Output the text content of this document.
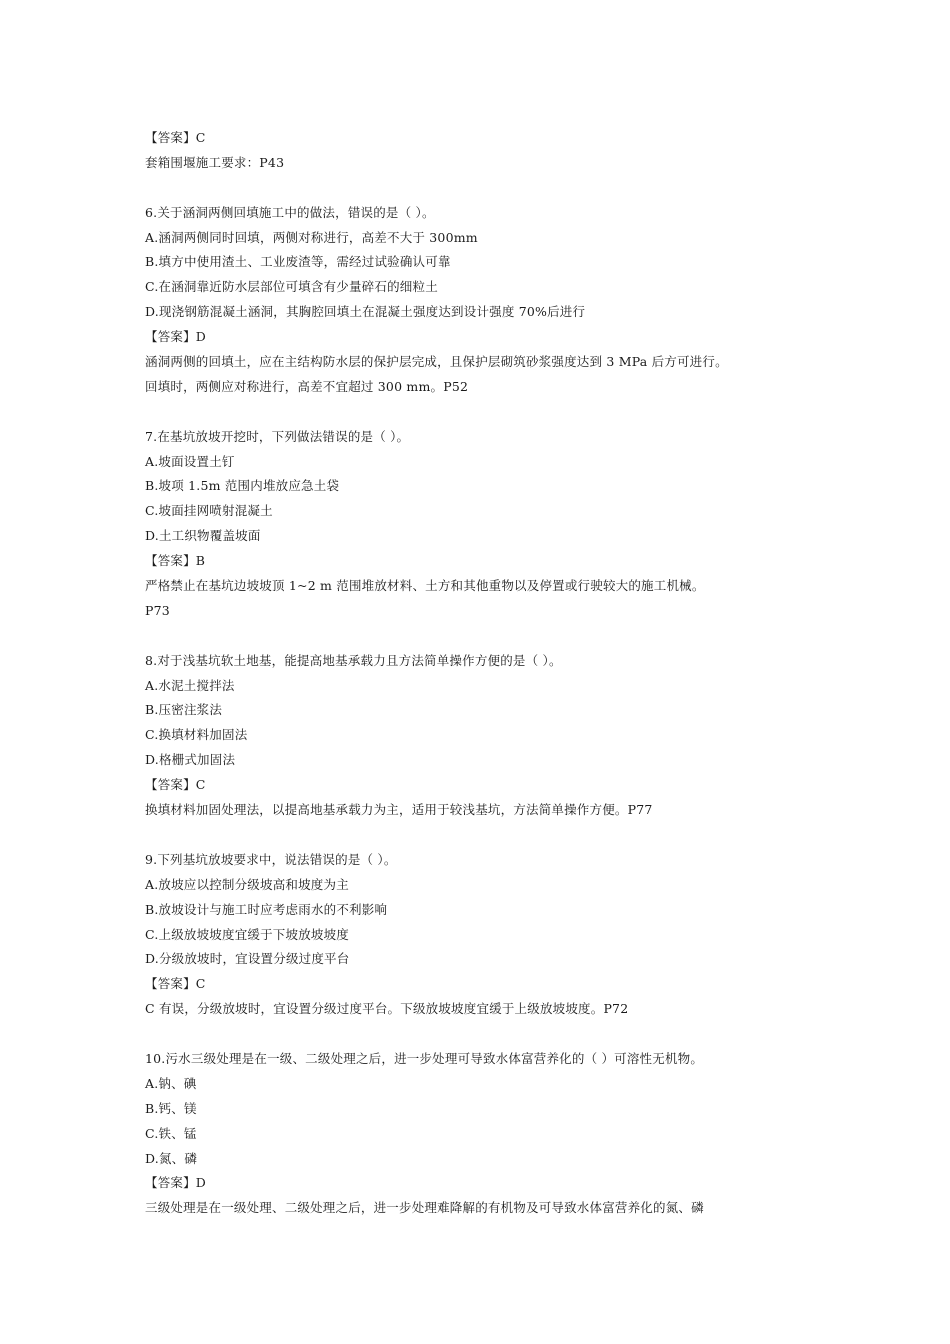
【答案】C
套箱围堰施工要求：P43
6.关于涵洞两侧回填施工中的做法，错误的是（ ）。
A.涵洞两侧同时回填，两侧对称进行，高差不大于 300mm
B.填方中使用渣土、工业废渣等，需经过试验确认可靠
C.在涵洞靠近防水层部位可填含有少量碎石的细粒土
D.现浇钢筋混凝土涵洞，其胸腔回填土在混凝土强度达到设计强度 70%后进行
【答案】D
涵洞两侧的回填土，应在主结构防水层的保护层完成，且保护层砌筑砂浆强度达到 3 MPa 后方可进行。
回填时，两侧应对称进行，高差不宜超过 300 mm。P52
7.在基坑放坡开挖时，下列做法错误的是（ ）。
A.坡面设置土钉
B.坡项 1.5m 范围内堆放应急土袋
C.坡面挂网喷射混凝土
D.土工织物覆盖坡面
【答案】B
严格禁止在基坑边坡坡顶 1~2 m 范围堆放材料、土方和其他重物以及停置或行驶较大的施工机械。
P73
8.对于浅基坑软土地基，能提高地基承载力且方法简单操作方便的是（ ）。
A.水泥土搅拌法
B.压密注浆法
C.换填材料加固法
D.格栅式加固法
【答案】C
换填材料加固处理法，以提高地基承载力为主，适用于较浅基坑，方法简单操作方便。P77
9.下列基坑放坡要求中，说法错误的是（ ）。
A.放坡应以控制分级坡高和坡度为主
B.放坡设计与施工时应考虑雨水的不利影响
C.上级放坡坡度宜缓于下坡放坡坡度
D.分级放坡时，宜设置分级过度平台
【答案】C
C 有误，分级放坡时，宜设置分级过度平台。下级放坡坡度宜缓于上级放坡坡度。P72
10.污水三级处理是在一级、二级处理之后，进一步处理可导致水体富营养化的（ ）可溶性无机物。
A.钠、碘
B.钙、镁
C.铁、锰
D.氮、磷
【答案】D
三级处理是在一级处理、二级处理之后，进一步处理难降解的有机物及可导致水体富营养化的氮、磷
